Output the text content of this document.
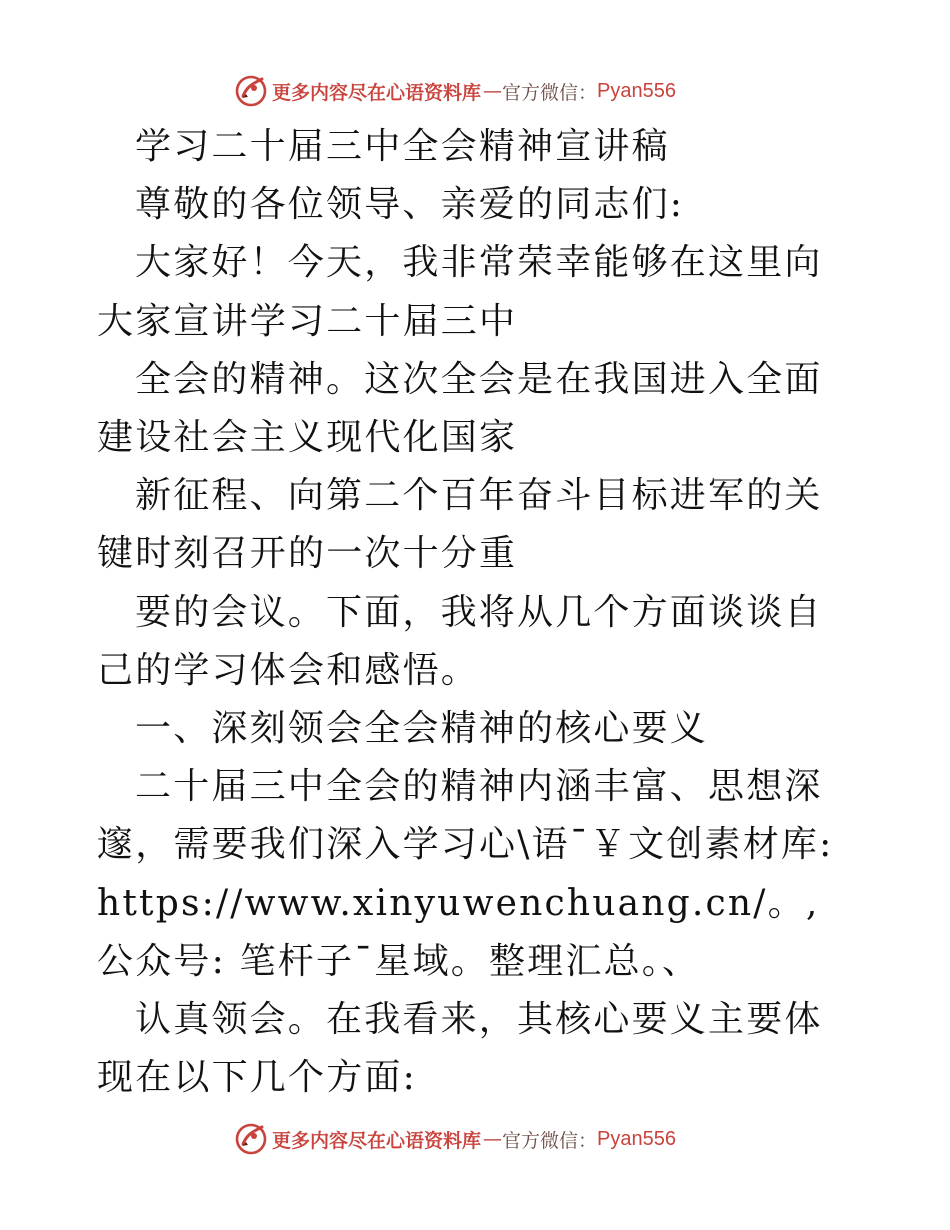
更多内容尽在心语资料库 — 官方微信： Pyan556

学习二十届三中全会精神宣讲稿

尊敬的各位领导、亲爱的同志们:

大家好！今天，我非常荣幸能够在这里向大家宣讲学习二十届三中

全会的精神。这次全会是在我国进入全面建设社会主义现代化国家

新征程、向第二个百年奋斗目标进军的关键时刻召开的一次十分重

要的会议。下面，我将从几个方面谈谈自己的学习体会和感悟。

一、深刻领会全会精神的核心要义

二十届三中全会的精神内涵丰富、思想深邃，需要我们深入学习心\语¯￥文创素材库: https://www.xinyuwenchuang.cn/。,公众号: 笔杆子¯星域。整理汇总。、

认真领会。在我看来，其核心要义主要体现在以下几个方面:

更多内容尽在心语资料库 — 官方微信： Pyan556
